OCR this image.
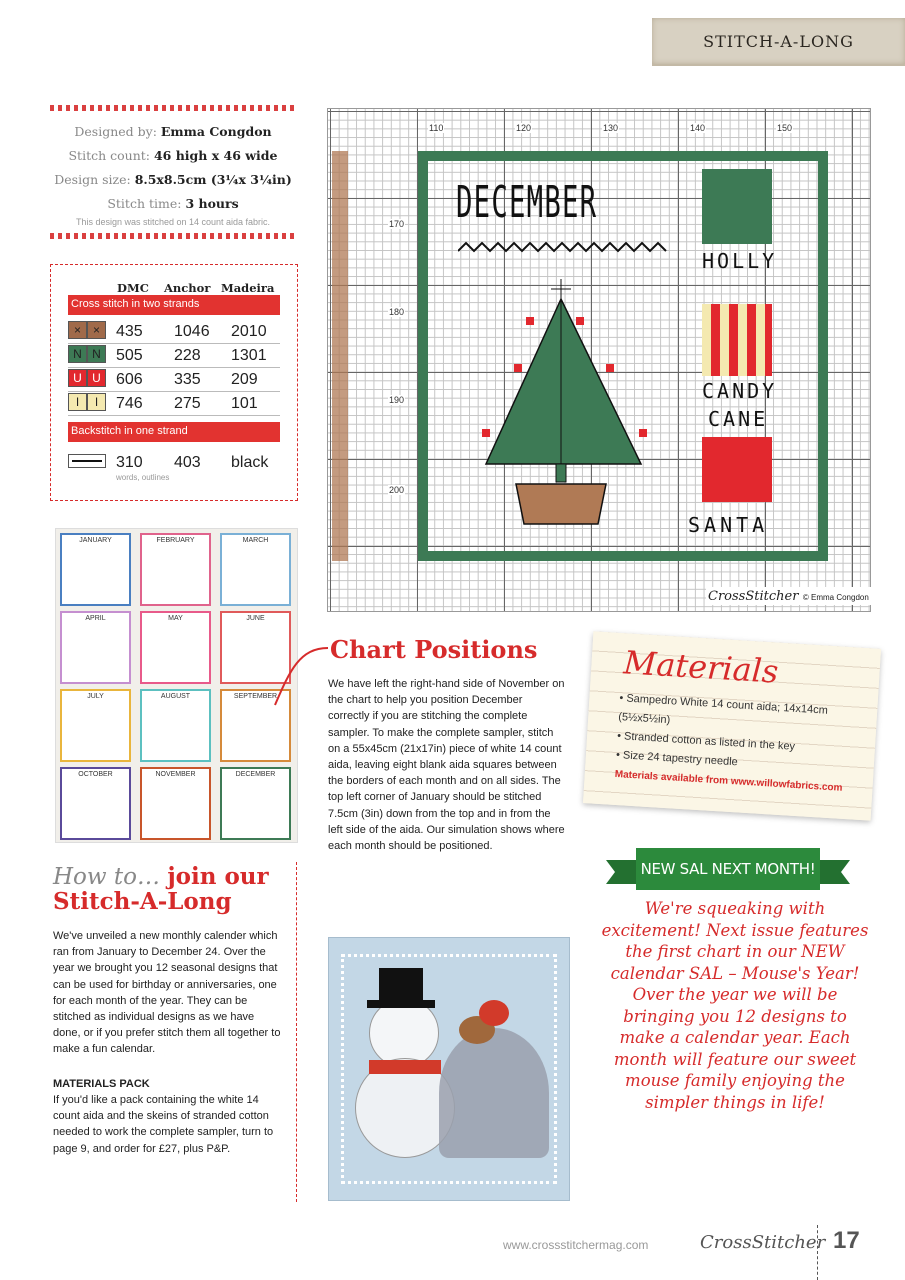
STITCH-A-LONG
Designed by: Emma Congdon
Stitch count: 46 high x 46 wide
Design size: 8.5x8.5cm (3¼x 3¼in)
Stitch time: 3 hours
This design was stitched on 14 count aida fabric.
DMC Anchor Madeira
Cross stitch in two strands
× ×	435 1046 2010
N N 505 228 1301
U U 606 335 209
I	I	746 275 101
Backstitch in one strand
310 403 black
words, outlines
110	120	130	140	150
170
180
190
200
DECEMBER
HOLLY
CANDY
CANE
SANTA
CrossStitcher © Emma Congdon
JANUARY	FEBRUARY	MARCH
APRIL	MAY	JUNE
JULY	AUGUST	SEPTEMBER
OCTOBER	NOVEMBER	DECEMBER
How to… join our
Stitch-A-Long
We've unveiled a new monthly calender which ran from January to December 24. Over the year we brought you 12 seasonal designs that can be used for birthday or anniversaries, one for each month of the year. They can be stitched as individual designs as we have done, or if you prefer stitch them all together to make a fun calendar.
MATERIALS PACK
If you'd like a pack containing the white 14 count aida and the skeins of stranded cotton needed to work the complete sampler, turn to page 9, and order for £27, plus P&P.
Chart Positions
We have left the right-hand side of November on the chart to help you position December correctly if you are stitching the complete sampler. To make the complete sampler, stitch on a 55x45cm (21x17in) piece of white 14 count aida, leaving eight blank aida squares between the borders of each month and on all sides. The top left corner of January should be stitched 7.5cm (3in) down from the top and in from the left side of the aida. Our simulation shows where each month should be positioned.
Materials
• Sampedro White 14 count aida; 14x14cm (5½x5½in)
• Stranded cotton as listed in the key
• Size 24 tapestry needle
Materials available from www.willowfabrics.com
NEW SAL NEXT MONTH!
We're squeaking with excitement! Next issue features the first chart in our NEW calendar SAL – Mouse's Year! Over the year we will be bringing you 12 designs to make a calendar year. Each month will feature our sweet mouse family enjoying the simpler things in life!
www.crossstitchermag.com	CrossStitcher 17
